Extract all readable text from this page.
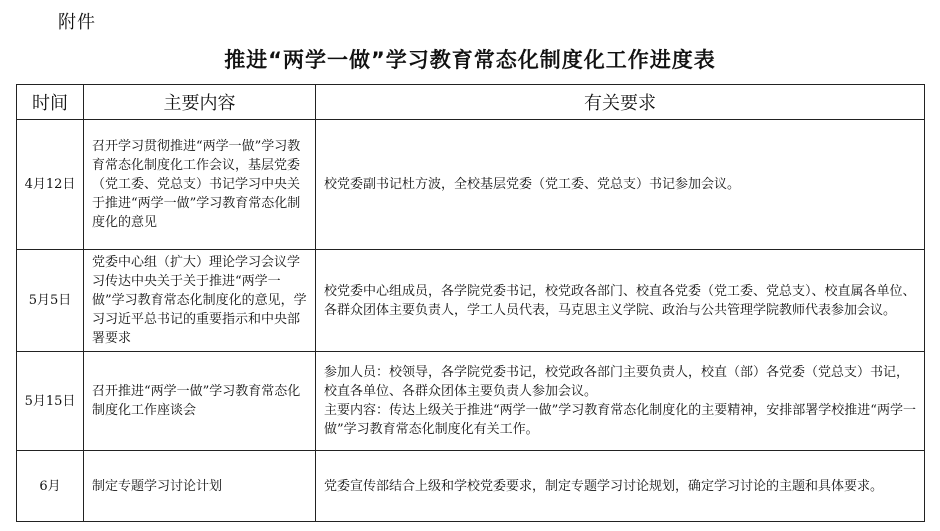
附件
推进“两学一做”学习教育常态化制度化工作进度表
时间	主要内容	有关要求
4月12日	召开学习贯彻推进“两学一做”学习教育常态化制度化工作会议，基层党委（党工委、党总支）书记学习中央关于推进“两学一做”学习教育常态化制度化的意见	校党委副书记杜方波，全校基层党委（党工委、党总支）书记参加会议。
5月5日	党委中心组（扩大）理论学习会议学习传达中央关于关于推进“两学一做”学习教育常态化制度化的意见，学习习近平总书记的重要指示和中央部署要求	校党委中心组成员，各学院党委书记，校党政各部门、校直各党委（党工委、党总支）、校直属各单位、各群众团体主要负责人，学工人员代表，马克思主义学院、政治与公共管理学院教师代表参加会议。
5月15日	召开推进“两学一做”学习教育常态化制度化工作座谈会	参加人员：校领导，各学院党委书记，校党政各部门主要负责人，校直（部）各党委（党总支）书记，校直各单位、各群众团体主要负责人参加会议。
主要内容：传达上级关于推进“两学一做”学习教育常态化制度化的主要精神，安排部署学校推进“两学一做”学习教育常态化制度化有关工作。

6月	制定专题学习讨论计划	党委宣传部结合上级和学校党委要求，制定专题学习讨论规划，确定学习讨论的主题和具体要求。
